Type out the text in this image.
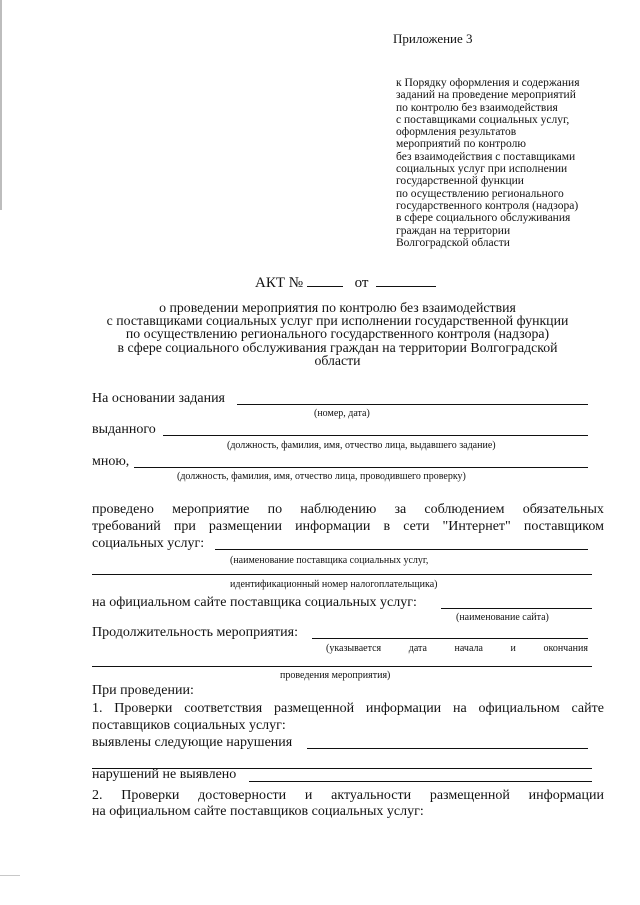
Приложение 3
к Порядку оформления и содержания
заданий на проведение мероприятий
по контролю без взаимодействия
с поставщиками социальных услуг,
оформления результатов
мероприятий по контролю
без взаимодействия с поставщиками
социальных услуг при исполнении
государственной функции
по осуществлению регионального
государственного контроля (надзора)
в сфере социального обслуживания
граждан на территории
Волгоградской области
АКТ №	от
о проведении мероприятия по контролю без взаимодействия
с поставщиками социальных услуг при исполнении государственной функции
по осуществлению регионального государственного контроля (надзора)
в сфере социального обслуживания граждан на территории Волгоградской
области
На основании задания
(номер, дата)
выданного
(должность, фамилия, имя, отчество лица, выдавшего задание)
мною,
(должность, фамилия, имя, отчество лица, проводившего проверку)
проведено мероприятие по наблюдению за соблюдением обязательных
требований при размещении информации в сети "Интернет" поставщиком
социальных услуг:
(наименование поставщика социальных услуг,
идентификационный номер налогоплательщика)
на официальном сайте поставщика социальных услуг:
(наименование сайта)
Продолжительность мероприятия:
(указывается	дата	начала	и	окончания
проведения мероприятия)
При проведении:
1. Проверки соответствия размещенной информации на официальном сайте
поставщиков социальных услуг:
выявлены следующие нарушения
нарушений не выявлено
2. Проверки достоверности и актуальности размещенной информации
на официальном сайте поставщиков социальных услуг:
